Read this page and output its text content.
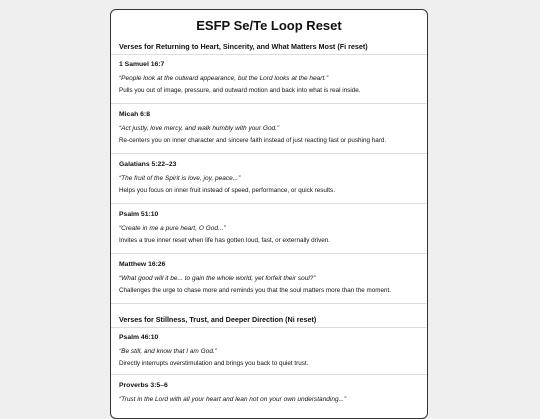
ESFP Se/Te Loop Reset
Verses for Returning to Heart, Sincerity, and What Matters Most (Fi reset)
1 Samuel 16:7
“People look at the outward appearance, but the Lord looks at the heart.”
Pulls you out of image, pressure, and outward motion and back into what is real inside.
Micah 6:8
“Act justly, love mercy, and walk humbly with your God.”
Re-centers you on inner character and sincere faith instead of just reacting fast or pushing hard.
Galatians 5:22–23
“The fruit of the Spirit is love, joy, peace...”
Helps you focus on inner fruit instead of speed, performance, or quick results.
Psalm 51:10
“Create in me a pure heart, O God...”
Invites a true inner reset when life has gotten loud, fast, or externally driven.
Matthew 16:26
“What good will it be... to gain the whole world, yet forfeit their soul?”
Challenges the urge to chase more and reminds you that the soul matters more than the moment.
Verses for Stillness, Trust, and Deeper Direction (Ni reset)
Psalm 46:10
“Be still, and know that I am God.”
Directly interrupts overstimulation and brings you back to quiet trust.
Proverbs 3:5–6
“Trust in the Lord with all your heart and lean not on your own understanding...”
